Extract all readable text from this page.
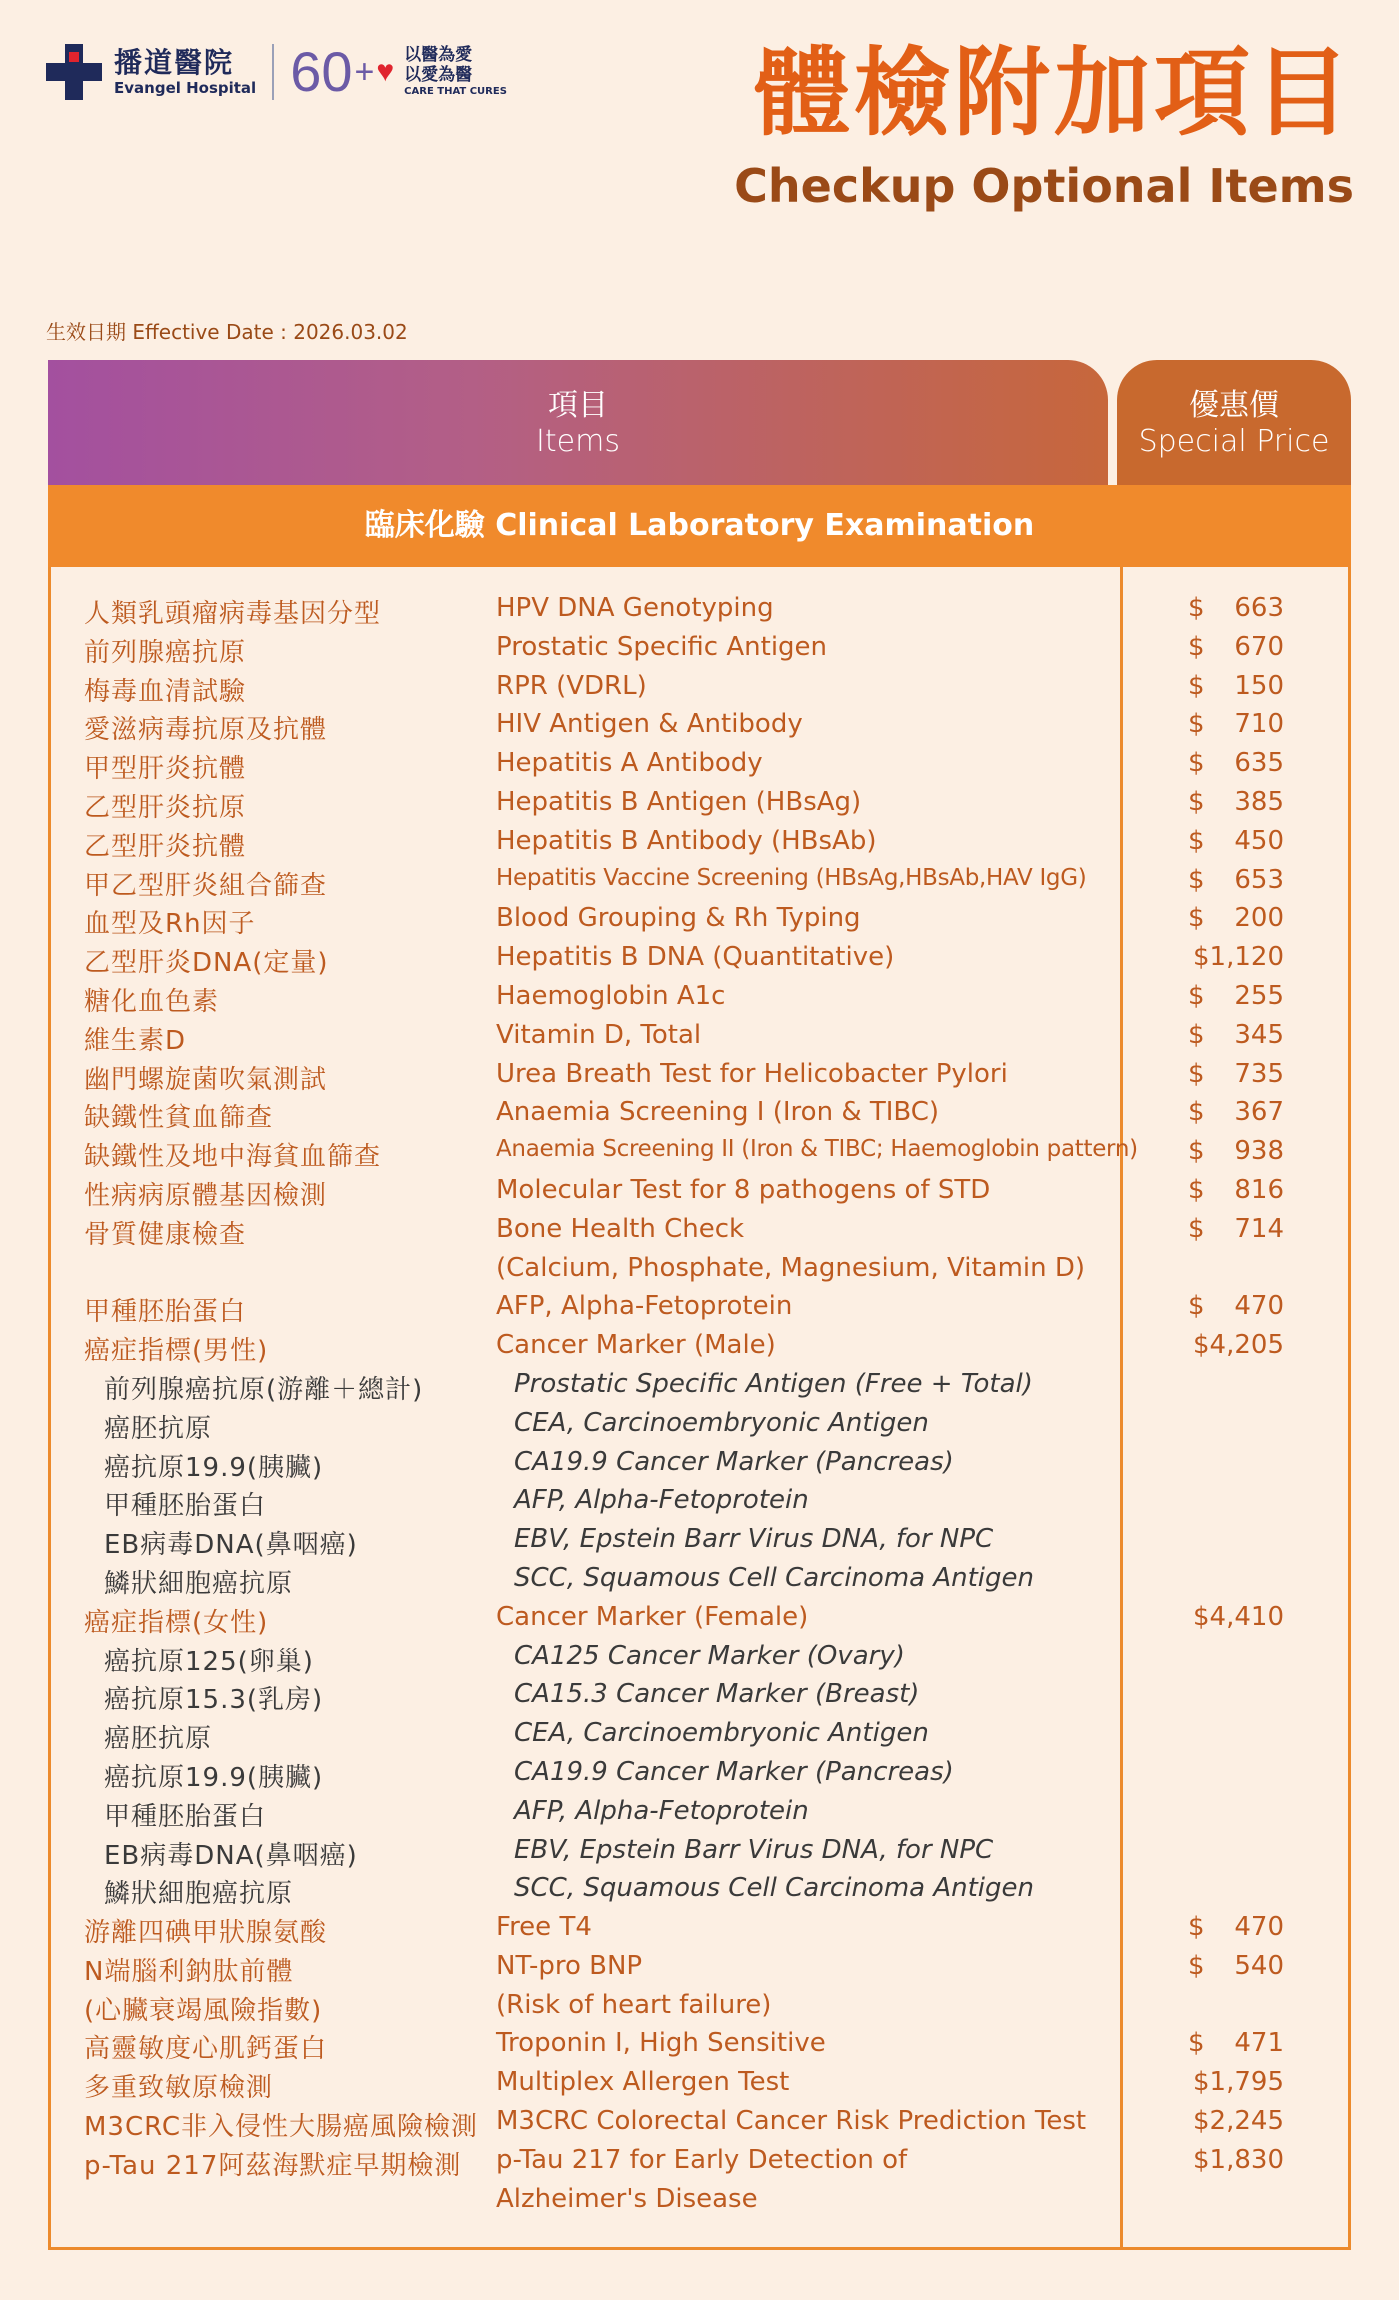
播道醫院
Evangel Hospital 60 + ♥ 以醫為愛
以愛為醫
CARE THAT CURES	體檢附加項目
Checkup Optional Items
生效日期 Effective Date : 2026.03.02
項目
Items
優惠價
Special Price
臨床化驗 Clinical Laboratory Examination
人類乳頭瘤病毒基因分型	HPV DNA Genotyping	$ 663
前列腺癌抗原	Prostatic Specific Antigen	$ 670
梅毒血清試驗	RPR (VDRL)	$ 150
愛滋病毒抗原及抗體	HIV Antigen & Antibody	$ 710
甲型肝炎抗體	Hepatitis A Antibody	$ 635
乙型肝炎抗原	Hepatitis B Antigen (HBsAg)	$ 385
乙型肝炎抗體	Hepatitis B Antibody (HBsAb)	$ 450
甲乙型肝炎組合篩查	Hepatitis Vaccine Screening (HBsAg,HBsAb,HAV IgG)	$ 653
血型及Rh因子	Blood Grouping & Rh Typing	$ 200
乙型肝炎DNA(定量)	Hepatitis B DNA (Quantitative)	$1,120
糖化血色素	Haemoglobin A1c	$ 255
維生素D	Vitamin D, Total	$ 345
幽門螺旋菌吹氣測試	Urea Breath Test for Helicobacter Pylori	$ 735
缺鐵性貧血篩查	Anaemia Screening I (Iron & TIBC)	$ 367
缺鐵性及地中海貧血篩查	Anaemia Screening II (Iron & TIBC; Haemoglobin pattern) $ 938
性病病原體基因檢測	Molecular Test for 8 pathogens of STD	$ 816
骨質健康檢查	Bone Health Check	$ 714
(Calcium, Phosphate, Magnesium, Vitamin D)
甲種胚胎蛋白	AFP, Alpha-Fetoprotein	$ 470
癌症指標(男性)	Cancer Marker (Male)	$4,205
前列腺癌抗原(游離＋總計)	Prostatic Specific Antigen (Free + Total)
癌胚抗原	CEA, Carcinoembryonic Antigen
癌抗原19.9(胰臟)	CA19.9 Cancer Marker (Pancreas)
甲種胚胎蛋白	AFP, Alpha-Fetoprotein
EB病毒DNA(鼻咽癌)	EBV, Epstein Barr Virus DNA, for NPC
鱗狀細胞癌抗原	SCC, Squamous Cell Carcinoma Antigen
癌症指標(女性)	Cancer Marker (Female)	$4,410
癌抗原125(卵巢)	CA125 Cancer Marker (Ovary)
癌抗原15.3(乳房)	CA15.3 Cancer Marker (Breast)
癌胚抗原	CEA, Carcinoembryonic Antigen
癌抗原19.9(胰臟)	CA19.9 Cancer Marker (Pancreas)
甲種胚胎蛋白	AFP, Alpha-Fetoprotein
EB病毒DNA(鼻咽癌)	EBV, Epstein Barr Virus DNA, for NPC
鱗狀細胞癌抗原	SCC, Squamous Cell Carcinoma Antigen
游離四碘甲狀腺氨酸	Free T4	$ 470
N端腦利鈉肽前體	NT-pro BNP	$ 540
(心臟衰竭風險指數)	(Risk of heart failure)
高靈敏度心肌鈣蛋白	Troponin I, High Sensitive	$ 471
多重致敏原檢測	Multiplex Allergen Test	$1,795
M3CRC非入侵性大腸癌風險檢測 M3CRC Colorectal Cancer Risk Prediction Test	$2,245
p-Tau 217阿茲海默症早期檢測 p-Tau 217 for Early Detection of	$1,830
Alzheimer's Disease
